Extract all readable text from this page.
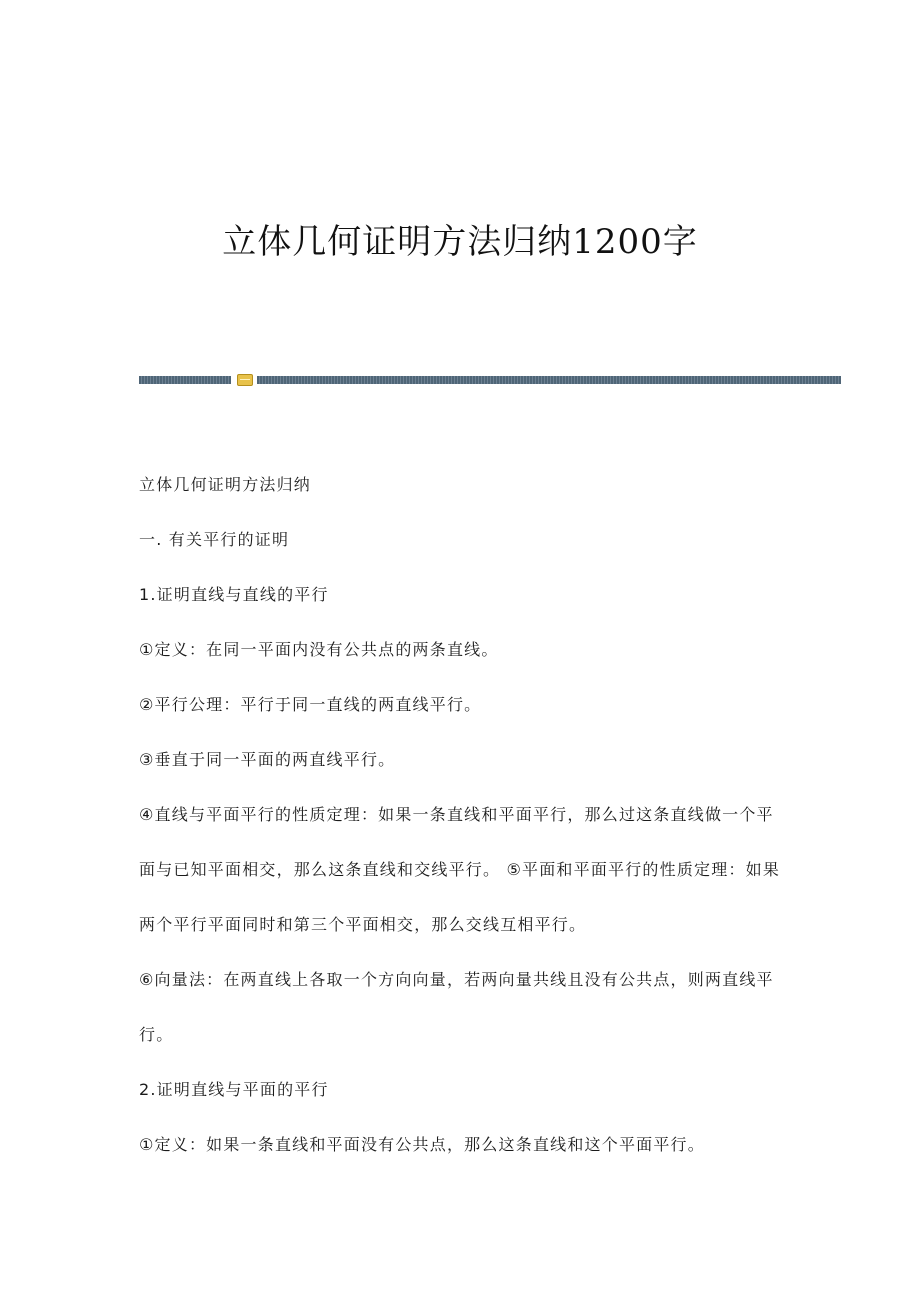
立体几何证明方法归纳1200字

立体几何证明方法归纳

一. 有关平行的证明

1.证明直线与直线的平行

①定义：在同一平面内没有公共点的两条直线。

②平行公理：平行于同一直线的两直线平行。

③垂直于同一平面的两直线平行。

④直线与平面平行的性质定理：如果一条直线和平面平行，那么过这条直线做一个平面与已知平面相交，那么这条直线和交线平行。 ⑤平面和平面平行的性质定理：如果两个平行平面同时和第三个平面相交，那么交线互相平行。

⑥向量法：在两直线上各取一个方向向量，若两向量共线且没有公共点，则两直线平行。

2.证明直线与平面的平行

①定义：如果一条直线和平面没有公共点，那么这条直线和这个平面平行。
